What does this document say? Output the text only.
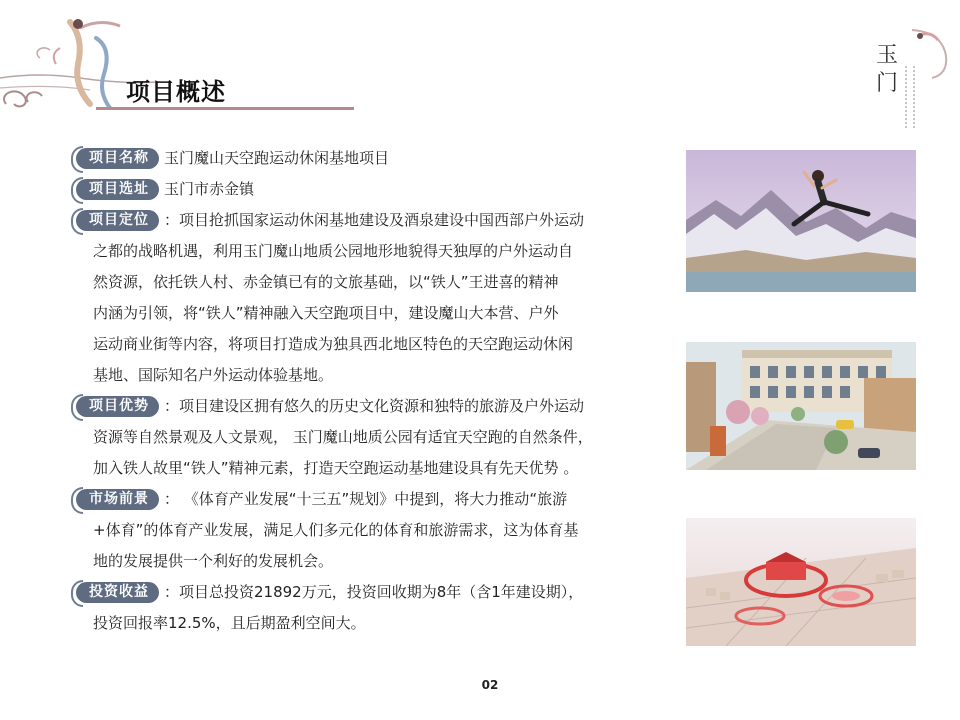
项目概述
玉
门
项目名称 玉门魔山天空跑运动休闲基地项目
项目选址 玉门市赤金镇
项目定位 ：项目抢抓国家运动休闲基地建设及酒泉建设中国西部户外运动
之都的战略机遇，利用玉门魔山地质公园地形地貌得天独厚的户外运动自
然资源，依托铁人村、赤金镇已有的文旅基础，以“铁人”王进喜的精神
内涵为引领，将“铁人”精神融入天空跑项目中，建设魔山大本营、户外
运动商业街等内容，将项目打造成为独具西北地区特色的天空跑运动休闲
基地、国际知名户外运动体验基地。
项目优势 ：项目建设区拥有悠久的历史文化资源和独特的旅游及户外运动
资源等自然景观及人文景观， 玉门魔山地质公园有适宜天空跑的自然条件，
加入铁人故里“铁人”精神元素，打造天空跑运动基地建设具有先天优势 。
市场前景 ： 《体育产业发展“十三五”规划》中提到，将大力推动“旅游
+体育”的体育产业发展，满足人们多元化的体育和旅游需求，这为体育基
地的发展提供一个利好的发展机会。
投资收益 ：项目总投资21892万元，投资回收期为8年（含1年建设期），
投资回报率12.5%，且后期盈利空间大。
02
